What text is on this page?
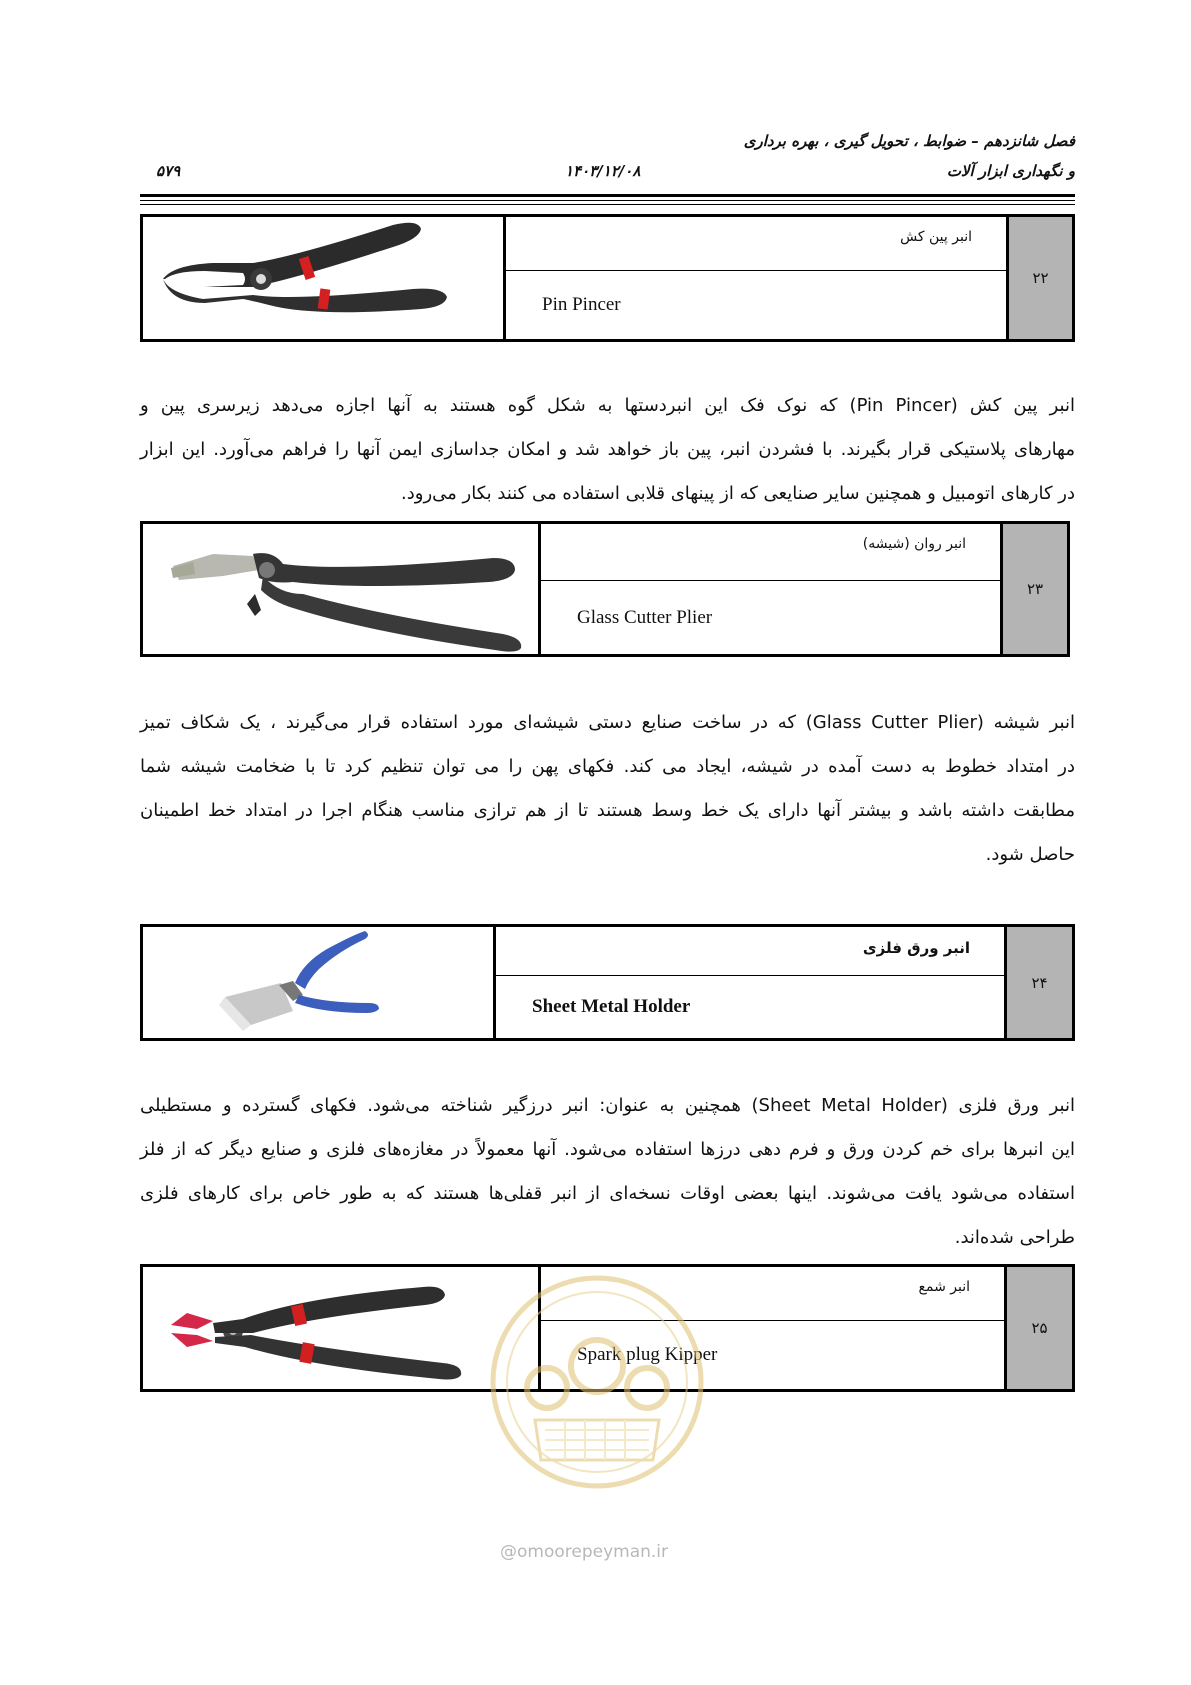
فصل شانزدهم – ضوابط ، تحویل گیری ، بهره برداری
و نگهداری ابزار آلات
۱۴۰۳/۱۲/۰۸
۵۷۹
انبر پین کش
Pin Pincer
۲۲
انبر پین کش (Pin Pincer) که نوک فک این انبردستها به شکل گوه هستند به آنها اجازه می‌دهد زیرسری پین و
مهارهای پلاستیکی قرار بگیرند. با فشردن انبر، پین باز خواهد شد و امکان جداسازی ایمن آنها را فراهم می‌آورد. این ابزار
در کارهای اتومبیل و همچنین سایر صنایعی که از پینهای قلابی استفاده می کنند بکار می‌رود.
انبر روان (شیشه)
Glass Cutter Plier
۲۳
انبر شیشه (Glass Cutter Plier) که در ساخت صنایع دستی شیشه‌ای مورد استفاده قرار می‌گیرند ، یک شکاف تمیز
در امتداد خطوط به دست آمده در شیشه، ایجاد می کند. فکهای پهن را می توان تنظیم کرد تا با ضخامت شیشه شما
مطابقت داشته باشد و بیشتر آنها دارای یک خط وسط هستند تا از هم ترازی مناسب هنگام اجرا در امتداد خط اطمینان
حاصل شود.
انبر ورق فلزی
Sheet Metal Holder
۲۴
انبر ورق فلزی (Sheet Metal Holder) همچنین به عنوان: انبر درزگیر شناخته می‌شود. فکهای گسترده و مستطیلی
این انبرها برای خم کردن ورق و فرم دهی درزها استفاده می‌شود. آنها معمولاً در مغازه‌های فلزی و صنایع دیگر که از فلز
استفاده می‌شود یافت می‌شوند. اینها بعضی اوقات نسخه‌ای از انبر قفلی‌ها هستند که به طور خاص برای کارهای فلزی
طراحی شده‌اند.
انبر شمع
Spark plug Kipper
۲۵
@omoorepeyman.ir
